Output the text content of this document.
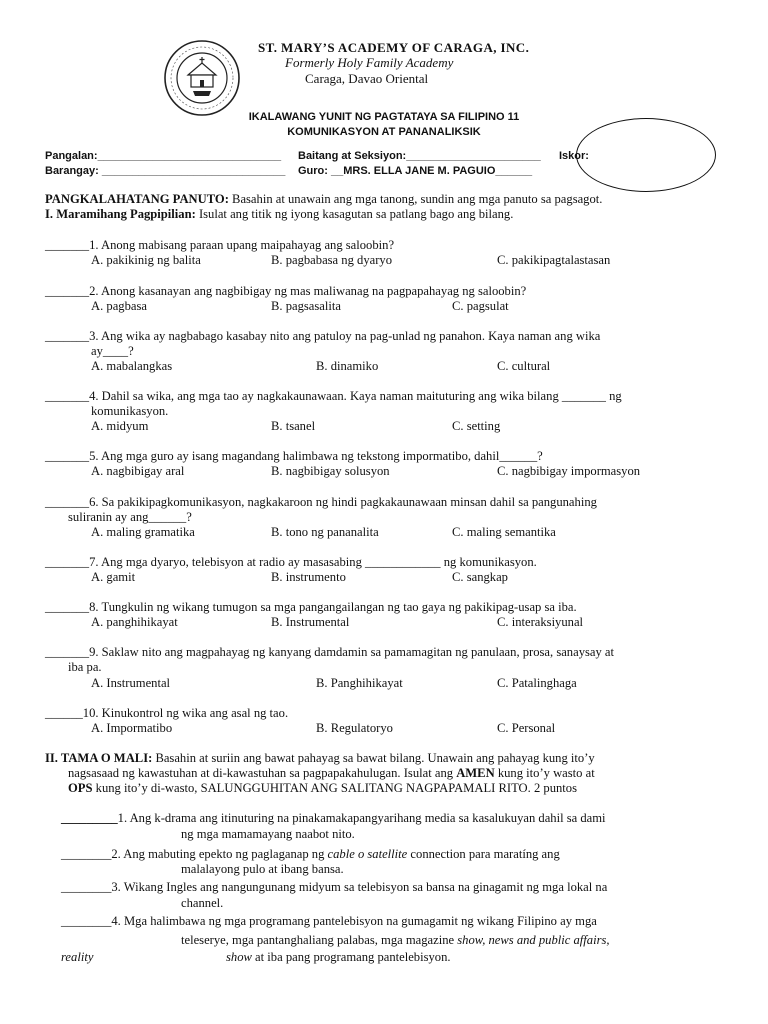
ST. MARY’S ACADEMY OF CARAGA, INC.
Formerly Holy Family Academy
Caraga, Davao Oriental
IKALAWANG YUNIT NG PAGTATAYA SA FILIPINO 11
KOMUNIKASYON AT PANANALIKSIK
Pangalan:______________________________ Baitang at Seksiyon:______________________ Iskor:
Barangay: ______________________________ Guro: __MRS. ELLA JANE M. PAGUIO______
PANGKALAHATANG PANUTO: Basahin at unawain ang mga tanong, sundin ang mga panuto sa pagsagot.
I. Maramihang Pagpipilian: Isulat ang titik ng iyong kasagutan sa patlang bago ang bilang.
_______1. Anong mabisang paraan upang maipahayag ang saloobin?
A. pakikinig ng balita	B. pagbabasa ng dyaryo	C. pakikipagtalastasan
_______2. Anong kasanayan ang nagbibigay ng mas maliwanag na pagpapahayag ng saloobin?
A. pagbasa	B. pagsasalita	C. pagsulat
_______3. Ang wika ay nagbabago kasabay nito ang patuloy na pag-unlad ng panahon. Kaya naman ang wika
ay____?
A. mabalangkas	B. dinamiko	C. cultural
_______4. Dahil sa wika, ang mga tao ay nagkakaunawaan. Kaya naman maituturing ang wika bilang _______ ng
komunikasyon.
A. midyum	B. tsanel	C. setting
_______5. Ang mga guro ay isang magandang halimbawa ng tekstong impormatibo, dahil______?
A. nagbibigay aral	B. nagbibigay solusyon	C. nagbibigay impormasyon
_______6. Sa pakikipagkomunikasyon, nagkakaroon ng hindi pagkakaunawaan minsan dahil sa pangunahing
suliranin ay ang______?
A. maling gramatika	B. tono ng pananalita	C. maling semantika
_______7. Ang mga dyaryo, telebisyon at radio ay masasabing ____________ ng komunikasyon.
A. gamit	B. instrumento	C. sangkap
_______8. Tungkulin ng wikang tumugon sa mga pangangailangan ng tao gaya ng pakikipag-usap sa iba.
A. panghihikayat	B. Instrumental	C. interaksiyunal
_______9. Saklaw nito ang magpahayag ng kanyang damdamin sa pamamagitan ng panulaan, prosa, sanaysay at
iba pa.
A. Instrumental	B. Panghihikayat	C. Patalinghaga
______10. Kinukontrol ng wika ang asal ng tao.
A. Impormatibo	B. Regulatoryo	C. Personal
II. TAMA O MALI: Basahin at suriin ang bawat pahayag sa bawat bilang. Unawain ang pahayag kung ito’y
nagsasaad ng kawastuhan at di-kawastuhan sa pagpapakahulugan. Isulat ang AMEN kung ito’y wasto at
OPS kung ito’y di-wasto, SALUNGGUHITAN ANG SALITANG NAGPAPAMALI RITO. 2 puntos
_________1. Ang k-drama ang itinuturing na pinakamakapangyarihang media sa kasalukuyan dahil sa dami
ng mga mamamayang naabot nito.
________2. Ang mabuting epekto ng paglaganap ng cable o satellite connection para maratíng ang
malalayong pulo at ibang bansa.
________3. Wikang Ingles ang nangungunang midyum sa telebisyon sa bansa na ginagamit ng mga lokal na
channel.
________4. Mga halimbawa ng mga programang pantelebisyon na gumagamit ng wikang Filipino ay mga
teleserye, mga pantanghaliang palabas, mga magazine show, news and public affairs,
reality	show at iba pang programang pantelebisyon.
